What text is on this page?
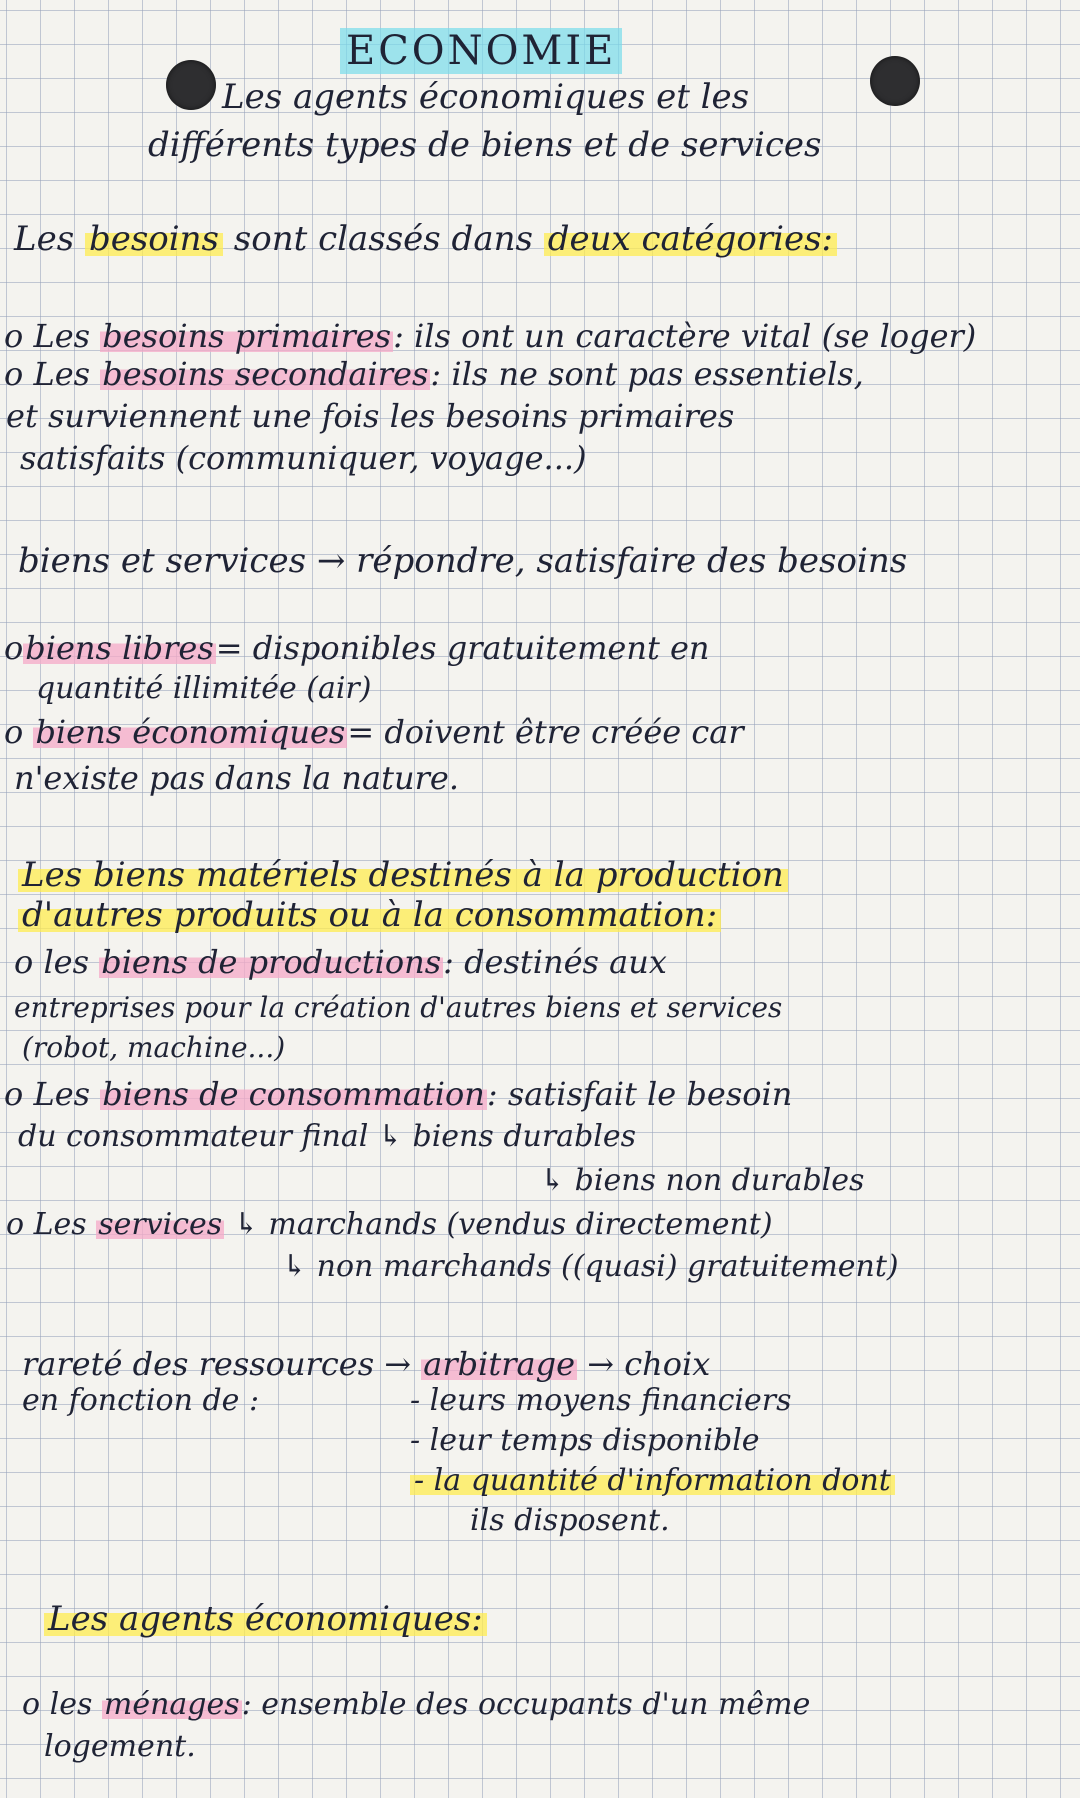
ECONOMIE
Les agents économiques et les
différents types de biens et de services
Les besoins sont classés dans deux catégories:
o Les besoins primaires: ils ont un caractère vital (se loger)
o Les besoins secondaires: ils ne sont pas essentiels,
et surviennent une fois les besoins primaires
satisfaits (communiquer, voyage...)
biens et services → répondre, satisfaire des besoins
obiens libres= disponibles gratuitement en
quantité illimitée (air)
o biens économiques= doivent être créée car
n'existe pas dans la nature.
Les biens matériels destinés à la production
d'autres produits ou à la consommation:
o les biens de productions: destinés aux
entreprises pour la création d'autres biens et services
(robot, machine...)
o Les biens de consommation: satisfait le besoin
du consommateur final ↳ biens durables
↳ biens non durables
o Les services ↳ marchands (vendus directement)
↳ non marchands ((quasi) gratuitement)
rareté des ressources → arbitrage → choix
en fonction de :	- leurs moyens financiers
- leur temps disponible
- la quantité d'information dont
ils disposent.
Les agents économiques:
o les ménages: ensemble des occupants d'un même
logement.
